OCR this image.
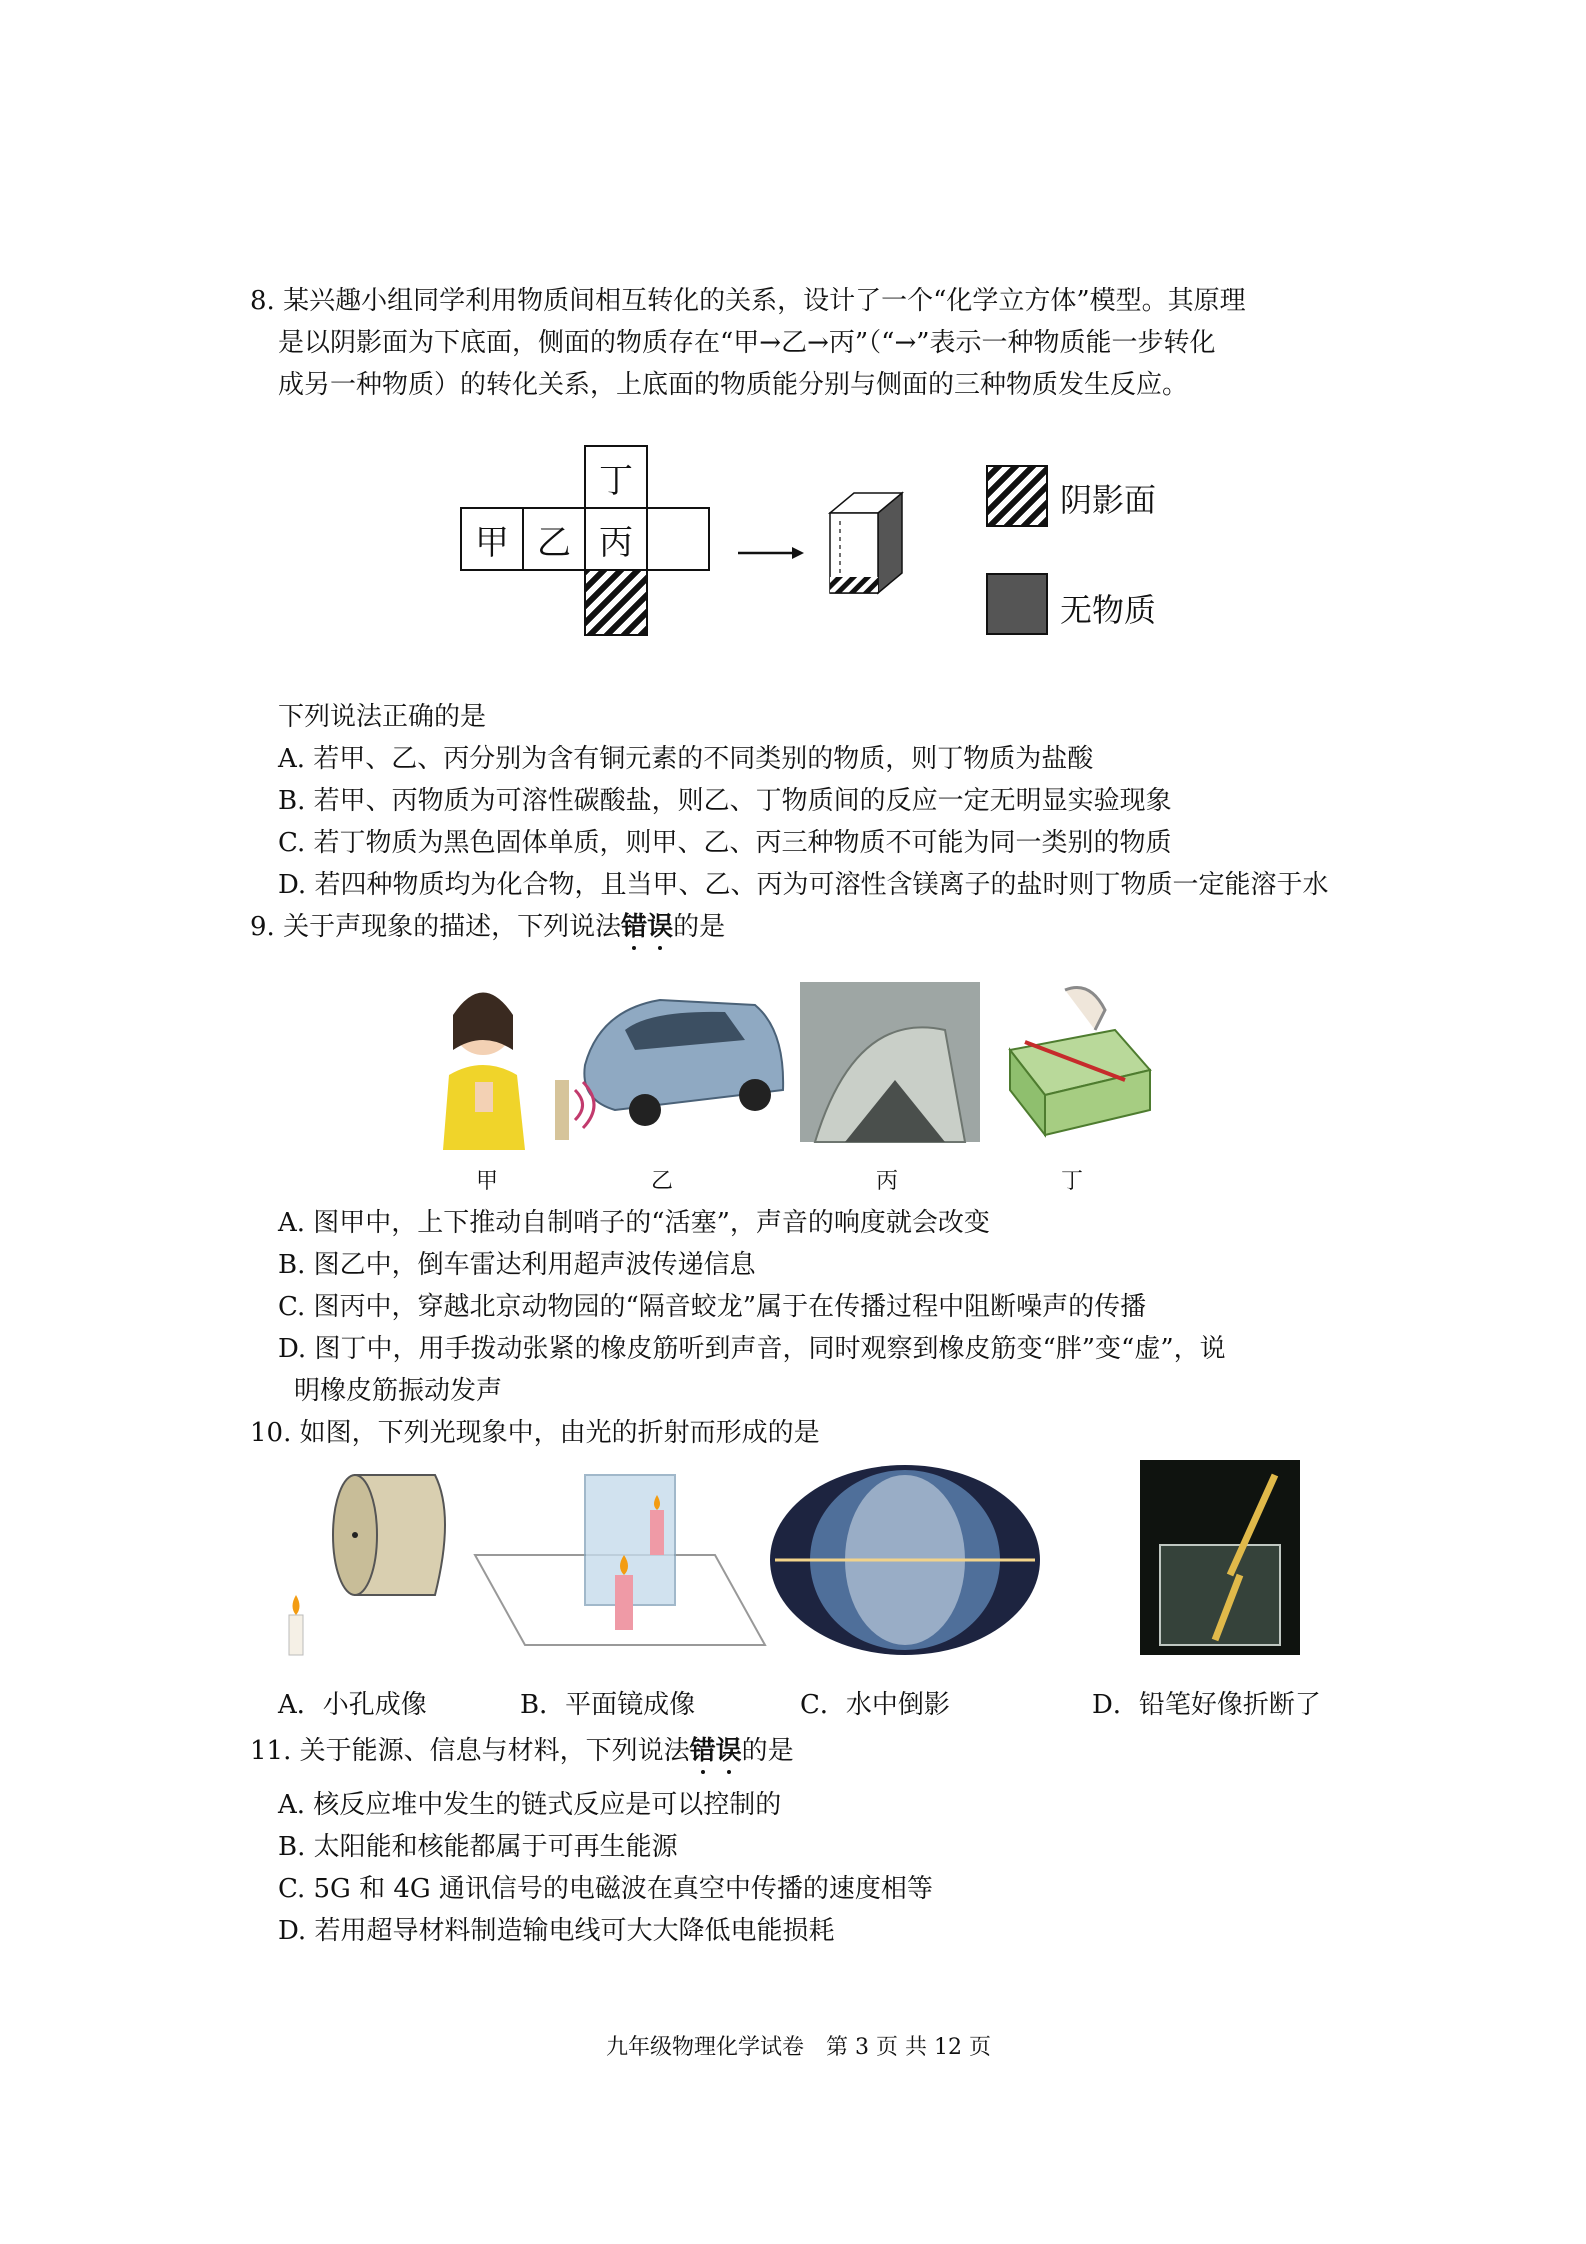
8. 某兴趣小组同学利用物质间相互转化的关系，设计了一个“化学立方体”模型。其原理
是以阴影面为下底面，侧面的物质存在“甲→乙→丙”（“→”表示一种物质能一步转化
成另一种物质）的转化关系，上底面的物质能分别与侧面的三种物质发生反应。
丁
甲 乙 丙
阴影面
无物质
下列说法正确的是
A. 若甲、乙、丙分别为含有铜元素的不同类别的物质，则丁物质为盐酸
B. 若甲、丙物质为可溶性碳酸盐，则乙、丁物质间的反应一定无明显实验现象
C. 若丁物质为黑色固体单质，则甲、乙、丙三种物质不可能为同一类别的物质
D. 若四种物质均为化合物，且当甲、乙、丙为可溶性含镁离子的盐时则丁物质一定能溶于水
9. 关于声现象的描述，下列说法错误的是
甲	乙	丙	丁
A. 图甲中，上下推动自制哨子的“活塞”，声音的响度就会改变
B. 图乙中，倒车雷达利用超声波传递信息
C. 图丙中，穿越北京动物园的“隔音蛟龙”属于在传播过程中阻断噪声的传播
D. 图丁中，用手拨动张紧的橡皮筋听到声音，同时观察到橡皮筋变“胖”变“虚”，说
明橡皮筋振动发声
10. 如图，下列光现象中，由光的折射而形成的是
A．小孔成像	B．平面镜成像	C．水中倒影	D．铅笔好像折断了
11. 关于能源、信息与材料，下列说法错误的是
A. 核反应堆中发生的链式反应是可以控制的
B. 太阳能和核能都属于可再生能源
C. 5G 和 4G 通讯信号的电磁波在真空中传播的速度相等
D. 若用超导材料制造输电线可大大降低电能损耗
九年级物理化学试卷　第 3 页 共 12 页
